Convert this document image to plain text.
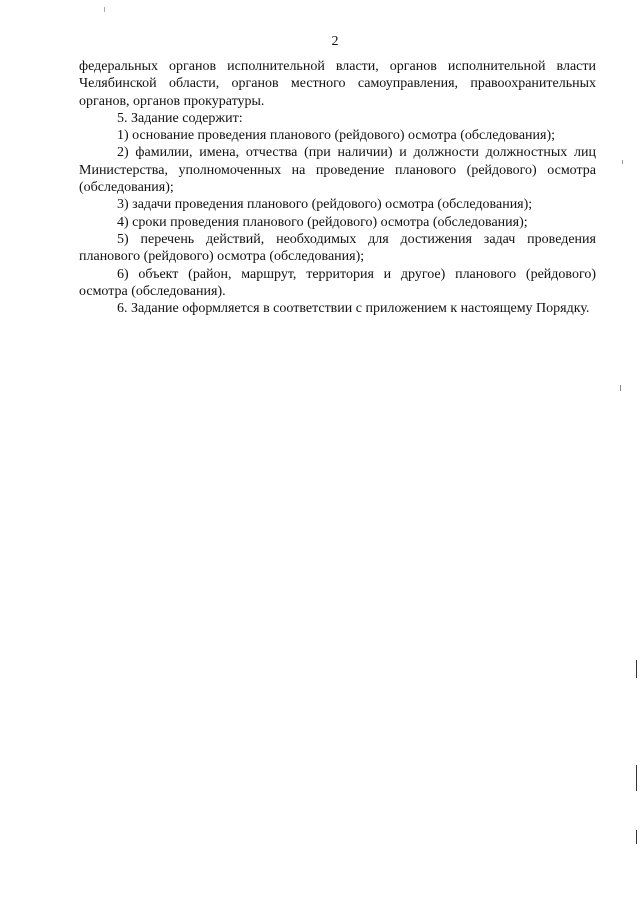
2

федеральных органов исполнительной власти, органов исполнительной власти Челябинской области, органов местного самоуправления, правоохранительных органов, органов прокуратуры.

5. Задание содержит:

1) основание проведения планового (рейдового) осмотра (обследования);

2) фамилии, имена, отчества (при наличии) и должности должностных лиц Министерства, уполномоченных на проведение планового (рейдового) осмотра (обследования);

3) задачи проведения планового (рейдового) осмотра (обследования);

4) сроки проведения планового (рейдового) осмотра (обследования);

5) перечень действий, необходимых для достижения задач проведения планового (рейдового) осмотра (обследования);

6) объект (район, маршрут, территория и другое) планового (рейдового) осмотра (обследования).

6. Задание оформляется в соответствии с приложением к настоящему Порядку.
